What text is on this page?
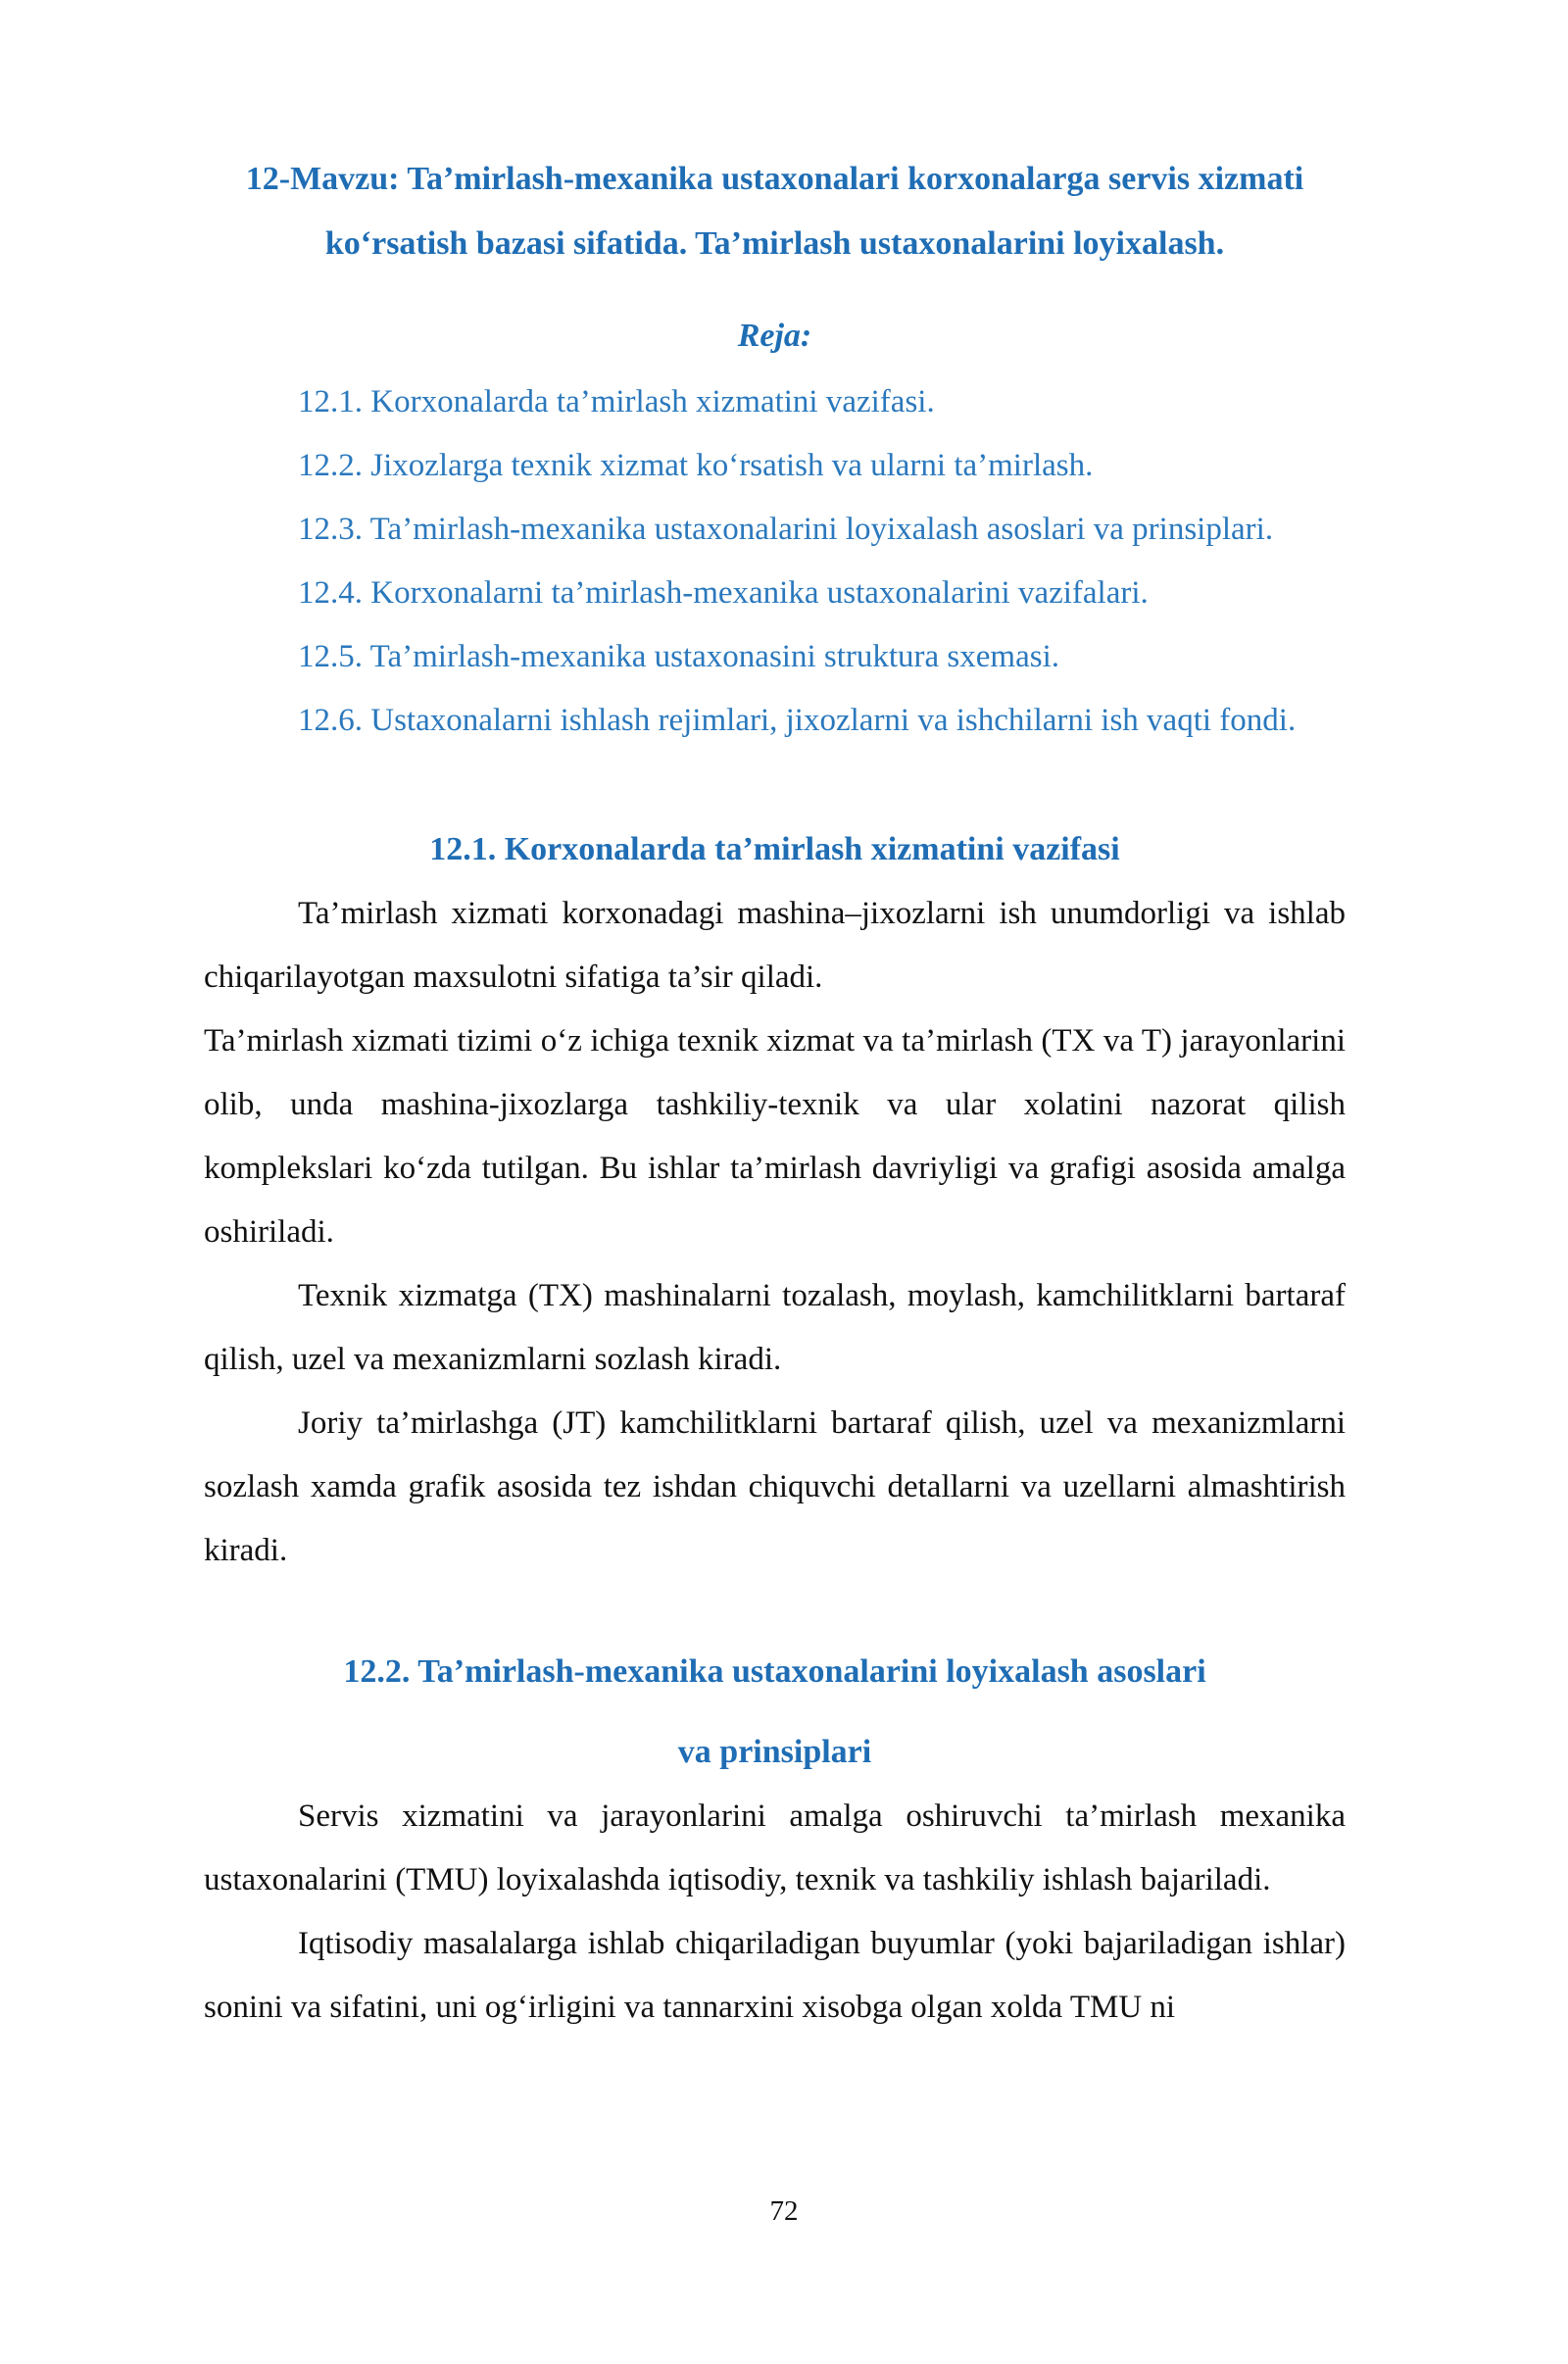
12-Mavzu: Ta’mirlash-mexanika ustaxonalari korxonalarga servis xizmati
ko‘rsatish bazasi sifatida. Ta’mirlash ustaxonalarini loyixalash.
Reja:
12.1. Korxonalarda ta’mirlash xizmatini vazifasi.
12.2. Jixozlarga texnik xizmat ko‘rsatish va ularni ta’mirlash.
12.3. Ta’mirlash-mexanika ustaxonalarini loyixalash asoslari va prinsiplari.
12.4. Korxonalarni ta’mirlash-mexanika ustaxonalarini vazifalari.
12.5. Ta’mirlash-mexanika ustaxonasini struktura sxemasi.
12.6. Ustaxonalarni ishlash rejimlari, jixozlarni va ishchilarni ish vaqti fondi.
12.1. Korxonalarda ta’mirlash xizmatini vazifasi

Ta’mirlash xizmati korxonadagi mashina–jixozlarni ish unumdorligi va ishlab chiqarilayotgan maxsulotni sifatiga ta’sir qiladi.

Ta’mirlash xizmati tizimi o‘z ichiga texnik xizmat va ta’mirlash (TX va T) jarayonlarini olib, unda mashina-jixozlarga tashkiliy-texnik va ular xolatini nazorat qilish komplekslari ko‘zda tutilgan. Bu ishlar ta’mirlash davriyligi va grafigi asosida amalga oshiriladi.

Texnik xizmatga (TX) mashinalarni tozalash, moylash, kamchilitklarni bartaraf qilish, uzel va mexanizmlarni sozlash kiradi.

Joriy ta’mirlashga (JT) kamchilitklarni bartaraf qilish, uzel va mexanizmlarni sozlash xamda grafik asosida tez ishdan chiquvchi detallarni va uzellarni almashtirish kiradi.

12.2. Ta’mirlash-mexanika ustaxonalarini loyixalash asoslari
va prinsiplari

Servis xizmatini va jarayonlarini amalga oshiruvchi ta’mirlash mexanika ustaxonalarini (TMU) loyixalashda iqtisodiy, texnik va tashkiliy ishlash bajariladi.

Iqtisodiy masalalarga ishlab chiqariladigan buyumlar (yoki bajariladigan ishlar) sonini va sifatini, uni og‘irligini va tannarxini xisobga olgan xolda TMU ni

72
